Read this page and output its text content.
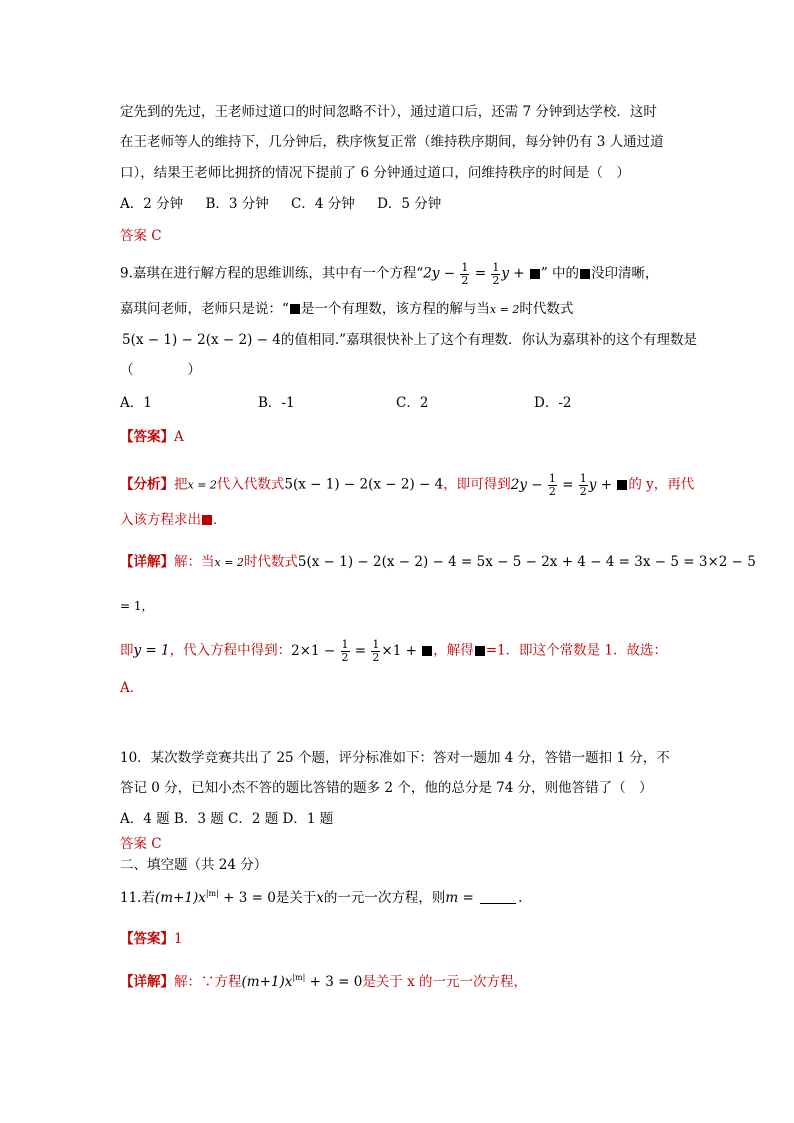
定先到的先过，王老师过道口的时间忽略不计），通过道口后，还需 7 分钟到达学校．这时
在王老师等人的维持下，几分钟后，秩序恢复正常（维持秩序期间，每分钟仍有 3 人通过道
口），结果王老师比拥挤的情况下提前了 6 分钟通过道口，问维持秩序的时间是（　）
A．2 分钟 B．3 分钟 C．4 分钟 D．5 分钟
答案 C
9.嘉琪在进行解方程的思维训练，其中有一个方程“$2y - \frac{1}{2} = \frac{1}{2}$ y + ” 中的 没印清晰，
嘉琪问老师，老师只是说：“ 是一个有理数，该方程的解与当x = 2时代数式
5(x − 1) − 2(x − 2) − 4的值相同.”嘉琪很快补上了这个有理数．你认为嘉琪补的这个有理数是
（　　　　）
A．1	B．-1	C．2	D．-2
【答案】A
【分析】把x = 2代入代数式5(x − 1) − 2(x − 2) − 4，即可得到$2y - \frac{1}{2} = \frac{1}{2}$ y + 的 y，再代
入该方程求出 ．
【详解】解：当x = 2时代数式5(x − 1) − 2(x − 2) − 4 = 5x − 5 − 2x + 4 − 4 = 3x − 5 = 3×2 − 5
= 1，
即y = 1，代入方程中得到：$2\times 1 - \frac{1}{2} = \frac{1}{2} \times 1$ + ，解得 =1．即这个常数是 1．故选：
A．
10．某次数学竞赛共出了 25 个题，评分标准如下：答对一题加 4 分，答错一题扣 1 分，不
答记 0 分，已知小杰不答的题比答错的题多 2 个，他的总分是 74 分，则他答错了（　）
A．4 题 B．3 题 C．2 题 D．1 题
答案 C
二、填空题（共 24 分）
11.若$(m+1)x^{|m|} + 3 = 0$是关于x的一元一次方程，则m =	.
【答案】1
【详解】解：∵方程$(m+1)x^{|m|} + 3 = 0$是关于 x 的一元一次方程，
